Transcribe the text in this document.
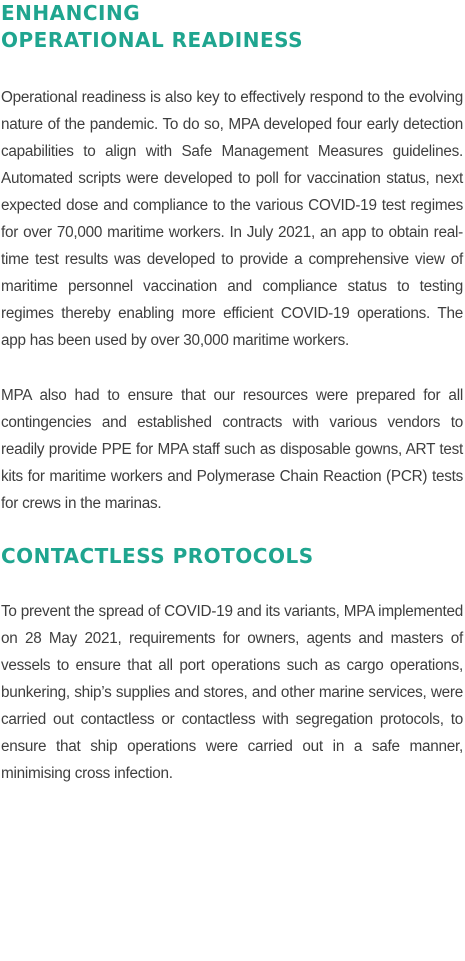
ENHANCING
OPERATIONAL READINESS

Operational readiness is also key to effectively respond to the evolving nature of the pandemic. To do so, MPA developed four early detection capabilities to align with Safe Management Measures guidelines. Automated scripts were developed to poll for vaccination status, next expected dose and compliance to the various COVID-19 test regimes for over 70,000 maritime workers. In July 2021, an app to obtain real-time test results was developed to provide a comprehensive view of maritime personnel vaccination and compliance status to testing regimes thereby enabling more efficient COVID-19 operations. The app has been used by over 30,000 maritime workers.

MPA also had to ensure that our resources were prepared for all contingencies and established contracts with various vendors to readily provide PPE for MPA staff such as disposable gowns, ART test kits for maritime workers and Polymerase Chain Reaction (PCR) tests for crews in the marinas.

CONTACTLESS PROTOCOLS

To prevent the spread of COVID-19 and its variants, MPA implemented on 28 May 2021, requirements for owners, agents and masters of vessels to ensure that all port operations such as cargo operations, bunkering, ship’s supplies and stores, and other marine services, were carried out contactless or contactless with segregation protocols, to ensure that ship operations were carried out in a safe manner, minimising cross infection.
